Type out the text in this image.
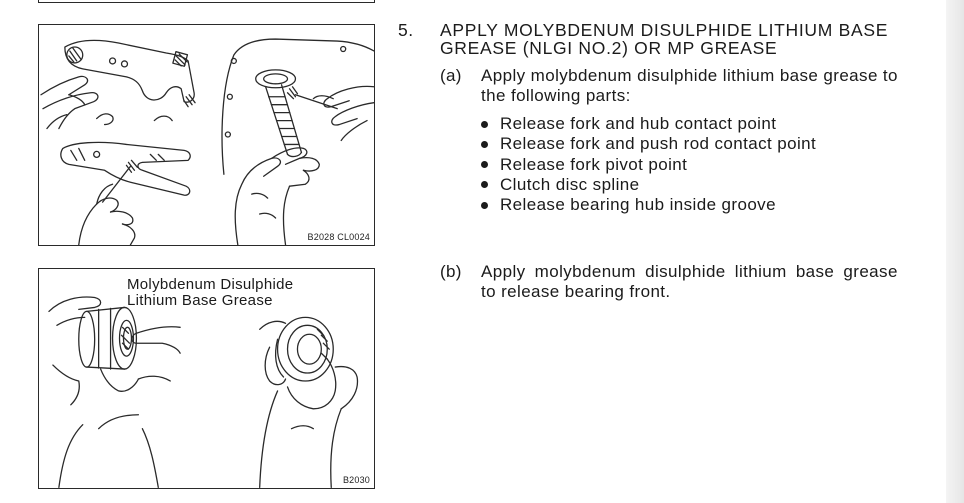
B2028 CL0024
Molybdenum Disulphide
Lithium Base Grease
B2030
5. APPLY MOLYBDENUM DISULPHIDE LITHIUM BASE
GREASE (NLGI NO.2) OR MP GREASE
(a) Apply molybdenum disulphide lithium base grease to
the following parts:
Release fork and hub contact point
Release fork and push rod contact point
Release fork pivot point
Clutch disc spline
Release bearing hub inside groove
(b) Apply molybdenum disulphide lithium base grease
to release bearing front.
